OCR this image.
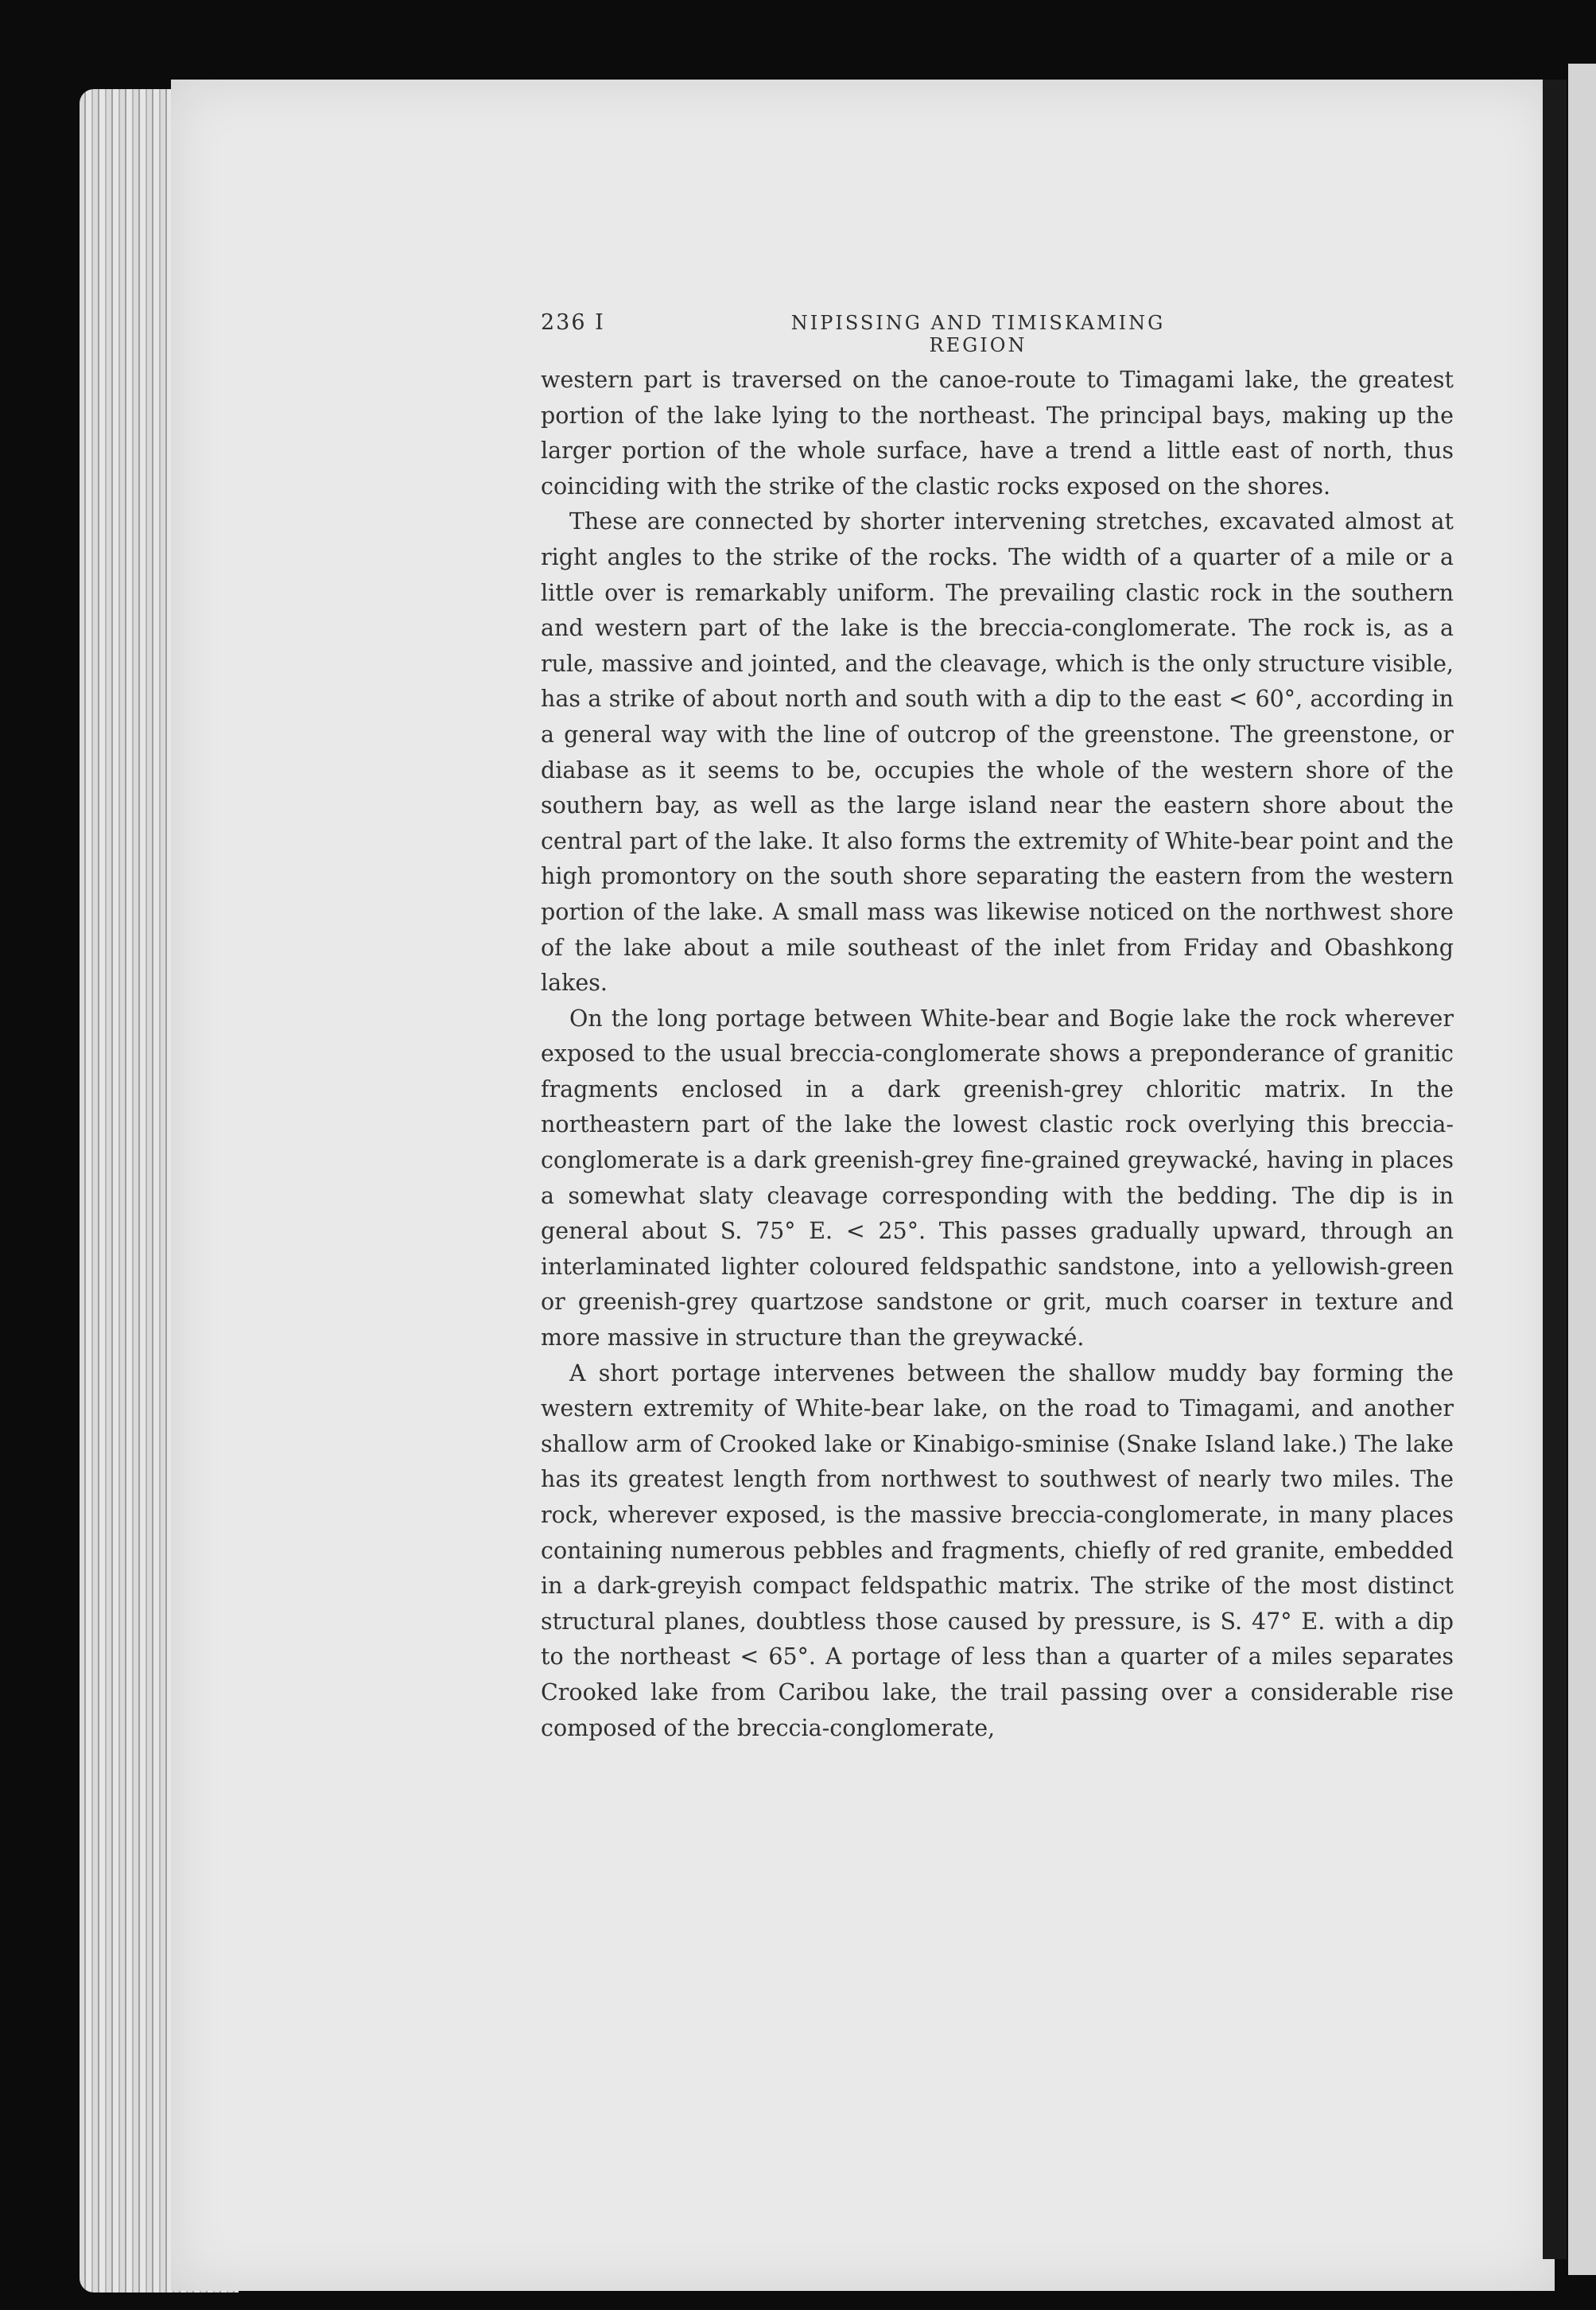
236 I	NIPISSING AND TIMISKAMING REGION

western part is traversed on the canoe-route to Timagami lake, the greatest portion of the lake lying to the northeast. The principal bays, making up the larger portion of the whole surface, have a trend a little east of north, thus coinciding with the strike of the clastic rocks exposed on the shores.

These are connected by shorter intervening stretches, excavated almost at right angles to the strike of the rocks. The width of a quarter of a mile or a little over is remarkably uniform. The prevailing clastic rock in the southern and western part of the lake is the breccia-conglomerate. The rock is, as a rule, massive and jointed, and the cleavage, which is the only structure visible, has a strike of about north and south with a dip to the east < 60°, according in a general way with the line of outcrop of the greenstone. The greenstone, or diabase as it seems to be, occupies the whole of the western shore of the southern bay, as well as the large island near the eastern shore about the central part of the lake. It also forms the extremity of White-bear point and the high promontory on the south shore separating the eastern from the western portion of the lake. A small mass was likewise noticed on the northwest shore of the lake about a mile southeast of the inlet from Friday and Obashkong lakes.

On the long portage between White-bear and Bogie lake the rock wherever exposed to the usual breccia-conglomerate shows a preponderance of granitic fragments enclosed in a dark greenish-grey chloritic matrix. In the northeastern part of the lake the lowest clastic rock overlying this breccia-conglomerate is a dark greenish-grey fine-grained greywacké, having in places a somewhat slaty cleavage corresponding with the bedding. The dip is in general about S. 75° E. < 25°. This passes gradually upward, through an interlaminated lighter coloured feldspathic sandstone, into a yellowish-green or greenish-grey quartzose sandstone or grit, much coarser in texture and more massive in structure than the greywacké.

A short portage intervenes between the shallow muddy bay forming the western extremity of White-bear lake, on the road to Timagami, and another shallow arm of Crooked lake or Kinabigo-sminise (Snake Island lake.) The lake has its greatest length from northwest to southwest of nearly two miles. The rock, wherever exposed, is the massive breccia-conglomerate, in many places containing numerous pebbles and fragments, chiefly of red granite, embedded in a dark-greyish compact feldspathic matrix. The strike of the most distinct structural planes, doubtless those caused by pressure, is S. 47° E. with a dip to the northeast < 65°. A portage of less than a quarter of a miles separates Crooked lake from Caribou lake, the trail passing over a considerable rise composed of the breccia-conglomerate,
